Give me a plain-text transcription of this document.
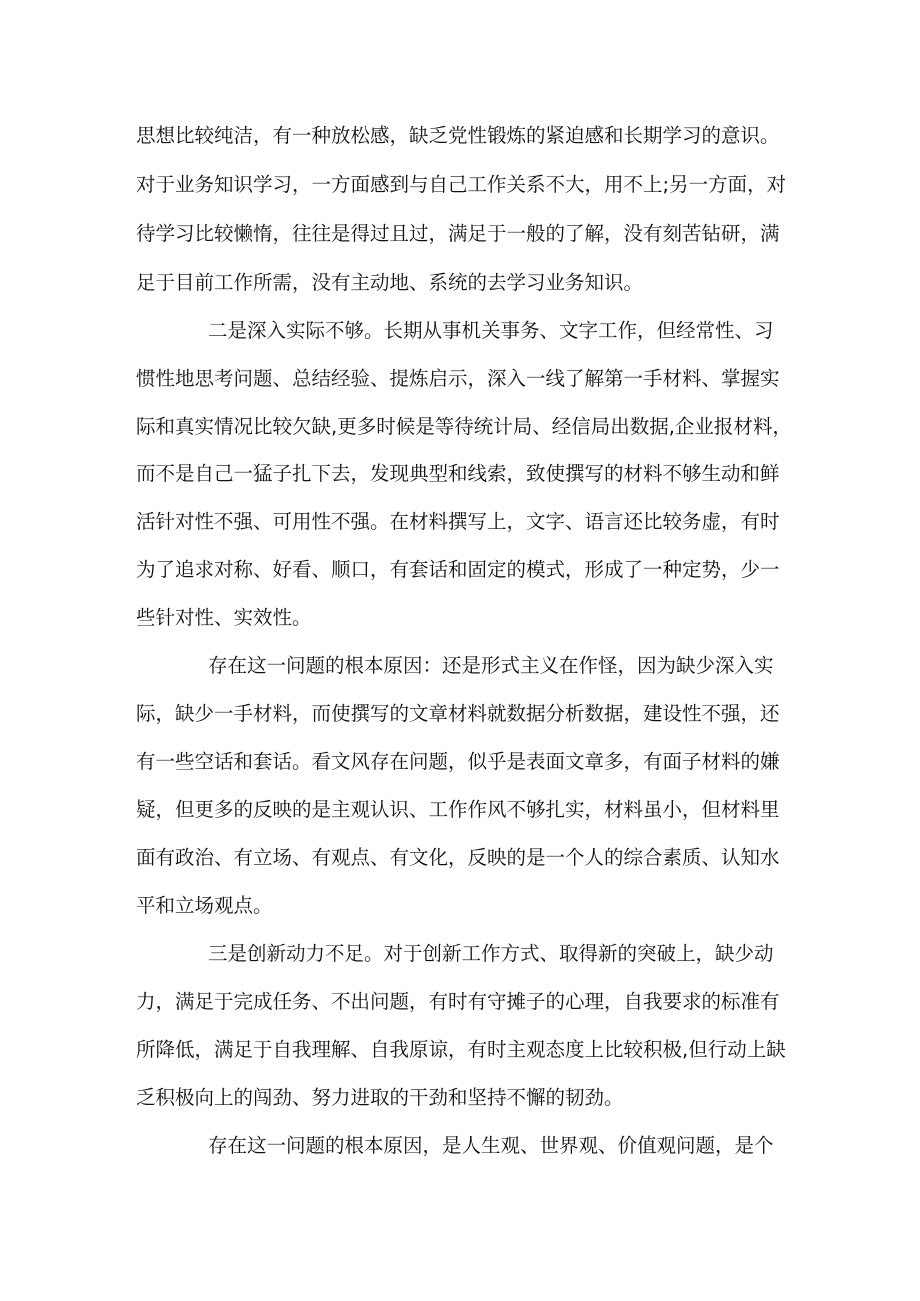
思想比较纯洁，有一种放松感，缺乏党性锻炼的紧迫感和长期学习的意识。

对于业务知识学习，一方面感到与自己工作关系不大，用不上;另一方面，对

待学习比较懒惰，往往是得过且过，满足于一般的了解，没有刻苦钻研，满

足于目前工作所需，没有主动地、系统的去学习业务知识。

二是深入实际不够。长期从事机关事务、文字工作，但经常性、习

惯性地思考问题、总结经验、提炼启示，深入一线了解第一手材料、掌握实

际和真实情况比较欠缺,更多时候是等待统计局、经信局出数据,企业报材料，

而不是自己一猛子扎下去，发现典型和线索，致使撰写的材料不够生动和鲜

活针对性不强、可用性不强。在材料撰写上，文字、语言还比较务虚，有时

为了追求对称、好看、顺口，有套话和固定的模式，形成了一种定势，少一

些针对性、实效性。

存在这一问题的根本原因：还是形式主义在作怪，因为缺少深入实

际，缺少一手材料，而使撰写的文章材料就数据分析数据，建设性不强，还

有一些空话和套话。看文风存在问题，似乎是表面文章多，有面子材料的嫌

疑，但更多的反映的是主观认识、工作作风不够扎实，材料虽小，但材料里

面有政治、有立场、有观点、有文化，反映的是一个人的综合素质、认知水

平和立场观点。

三是创新动力不足。对于创新工作方式、取得新的突破上，缺少动

力，满足于完成任务、不出问题，有时有守摊子的心理，自我要求的标准有

所降低，满足于自我理解、自我原谅，有时主观态度上比较积极,但行动上缺

乏积极向上的闯劲、努力进取的干劲和坚持不懈的韧劲。

存在这一问题的根本原因，是人生观、世界观、价值观问题，是个
